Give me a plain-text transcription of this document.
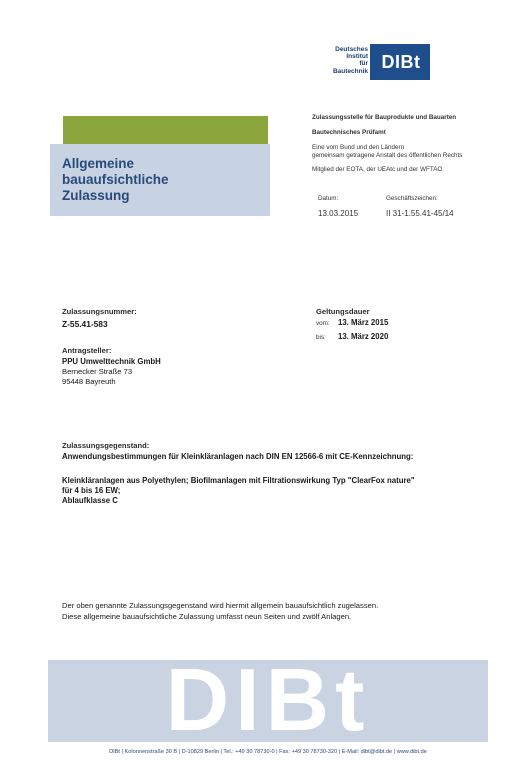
Deutsches
Institut
für
Bautechnik DIBt
Zulassungsstelle für Bauprodukte und Bauarten
Bautechnisches Prüfamt
Eine vom Bund und den Ländern
gemeinsam getragene Anstalt des öffentlichen Rechts
Mitglied der EOTA, der UEAtc und der WFTAO
Datum:
13.03.2015
Geschäftszeichen:
II 31-1.55.41-45/14
Allgemeine
bauaufsichtliche
Zulassung
Zulassungsnummer:
Z-55.41-583
Geltungsdauer
vom: 13. März 2015
bis: 13. März 2020
Antragsteller:
PPU Umwelttechnik GmbH
Bernecker Straße 73
95448 Bayreuth
Zulassungsgegenstand:
Anwendungsbestimmungen für Kleinkläranlagen nach DIN EN 12566-6 mit CE-Kennzeichnung:
Kleinkläranlagen aus Polyethylen; Biofilmanlagen mit Filtrationswirkung Typ "ClearFox nature"
für 4 bis 16 EW;
Ablaufklasse C
Der oben genannte Zulassungsgegenstand wird hiermit allgemein bauaufsichtlich zugelassen.
Diese allgemeine bauaufsichtliche Zulassung umfasst neun Seiten und zwölf Anlagen.
DIBt
DIBt | Kolonnenstraße 30 B | D-10829 Berlin | Tel.: +49 30 78730-0 | Fax: +49 30 78730-320 | E-Mail: dibt@dibt.de | www.dibt.de
